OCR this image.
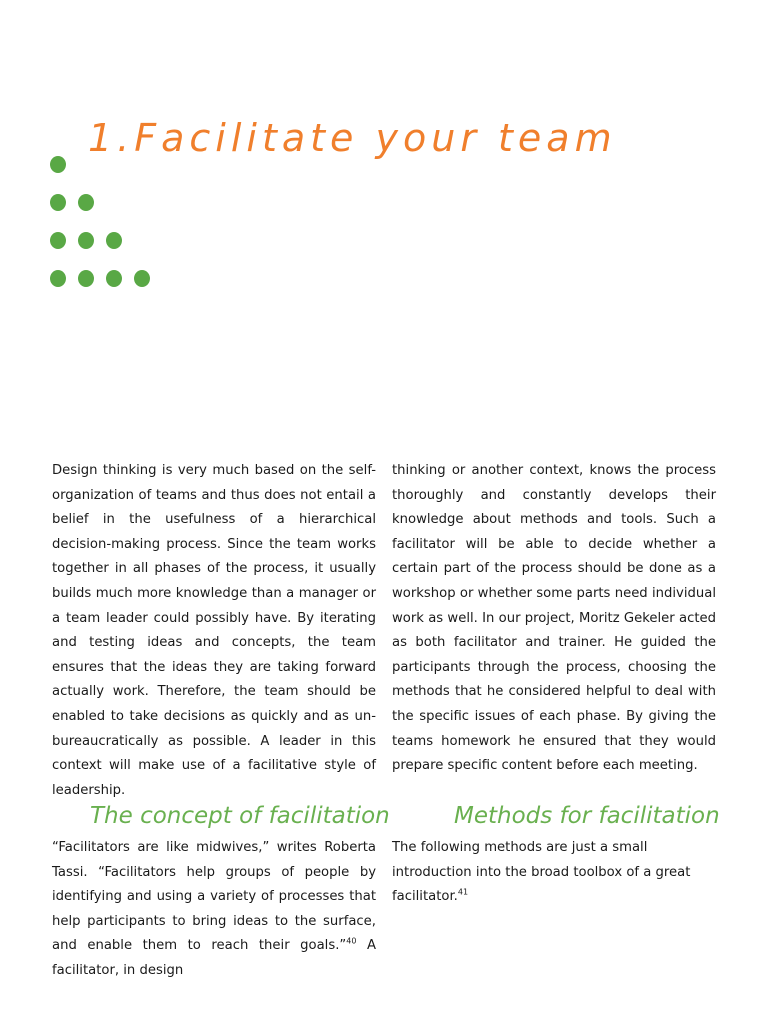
1.Facilitate your team

Design thinking is very much based on the self-organization of teams and thus does not entail a belief in the usefulness of a hierarchical decision-making process. Since the team works together in all phases of the process, it usually builds much more knowledge than a manager or a team leader could possibly have. By iterating and testing ideas and concepts, the team ensures that the ideas they are taking forward actually work. Therefore, the team should be enabled to take decisions as quickly and as un-bureaucratically as possible. A leader in this context will make use of a facilitative style of leadership.

thinking or another context, knows the process thoroughly and constantly develops their knowledge about methods and tools. Such a facilitator will be able to decide whether a certain part of the process should be done as a workshop or whether some parts need individual work as well. In our project, Moritz Gekeler acted as both facilitator and trainer. He guided the participants through the process, choosing the methods that he considered helpful to deal with the specific issues of each phase. By giving the teams homework he ensured that they would prepare specific content before each meeting.

The concept of facilitation	Methods for facilitation

“Facilitators are like midwives,” writes Roberta Tassi. “Facilitators help groups of people by identifying and using a variety of processes that help participants to bring ideas to the surface, and enable them to reach their goals.”$^{40}$ A facilitator, in design

The following methods are just a small introduction into the broad toolbox of a great facilitator.$^{41}$
